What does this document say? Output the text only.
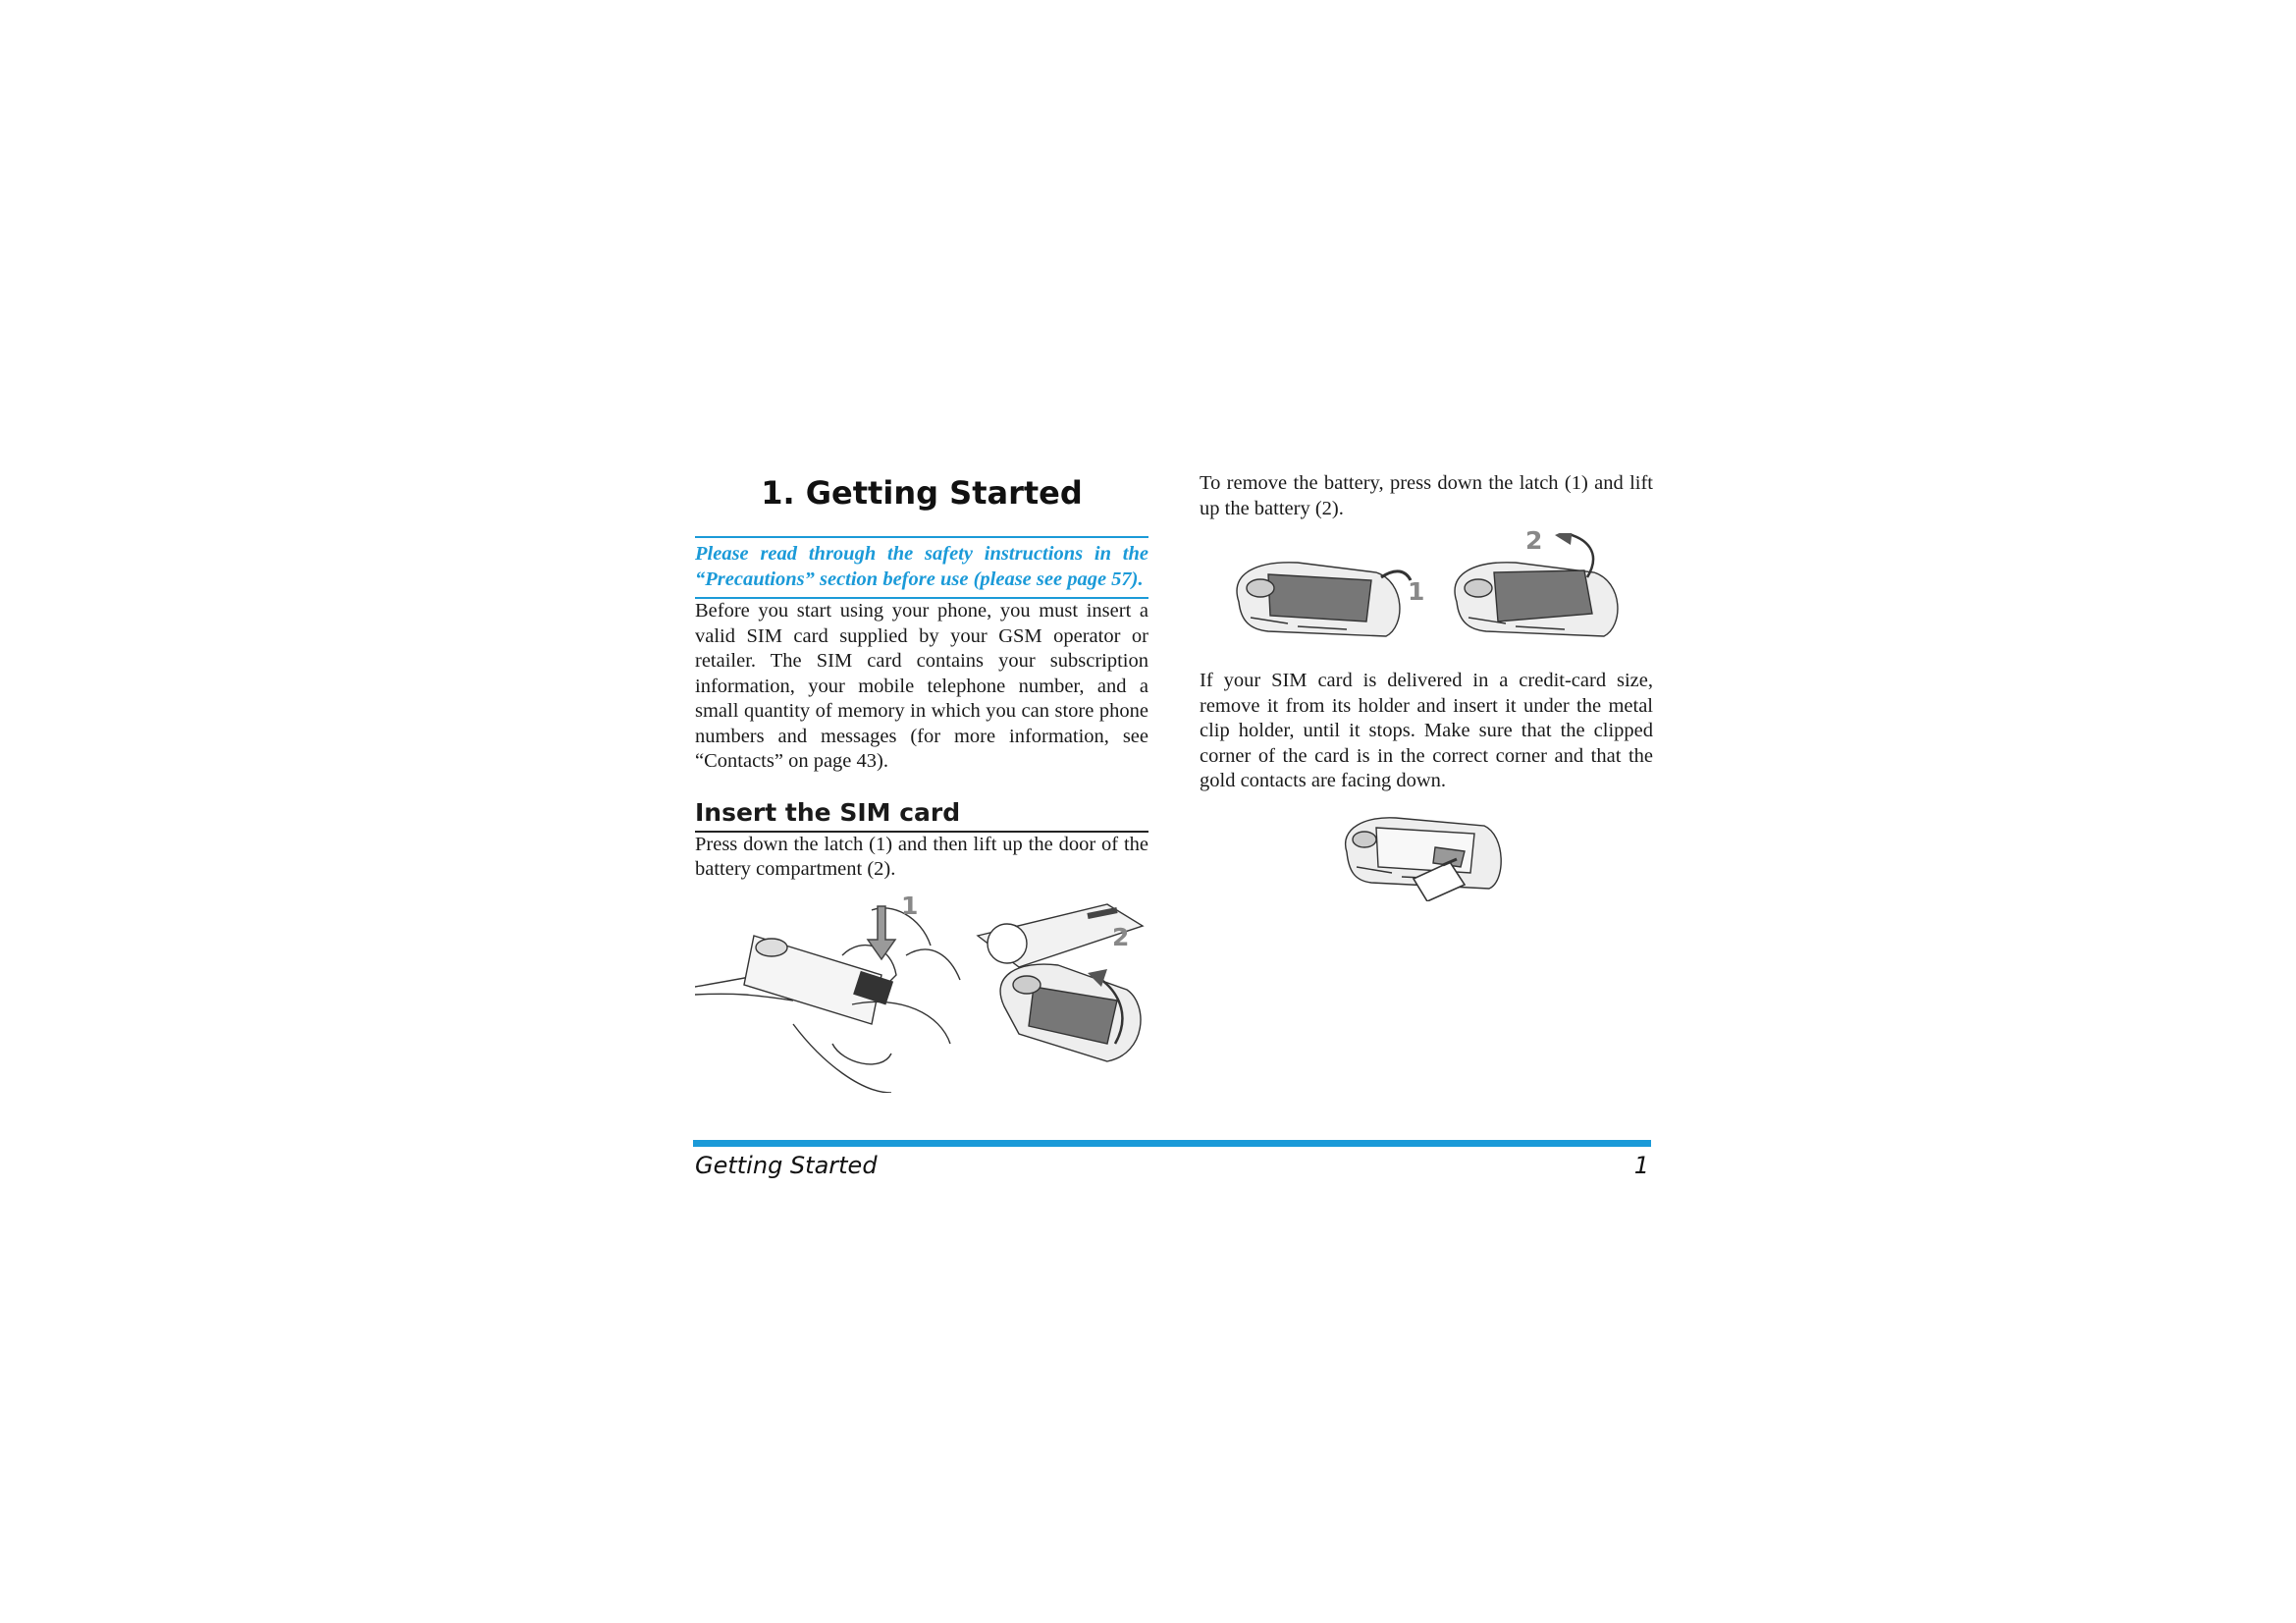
1. Getting Started
Please read through the safety instructions in the “Precautions” section before use (please see page 57).

Before you start using your phone, you must insert a valid SIM card supplied by your GSM operator or retailer. The SIM card contains your subscription information, your mobile telephone number, and a small quantity of memory in which you can store phone numbers and messages (for more information, see “Contacts” on page 43).

Insert the SIM card

Press down the latch (1) and then lift up the door of the battery compartment (2).

1
2

To remove the battery, press down the latch (1) and lift up the battery (2).

1
2

If your SIM card is delivered in a credit-card size, remove it from its holder and insert it under the metal clip holder, until it stops. Make sure that the clipped corner of the card is in the correct corner and that the gold contacts are facing down.

Getting Started	1
